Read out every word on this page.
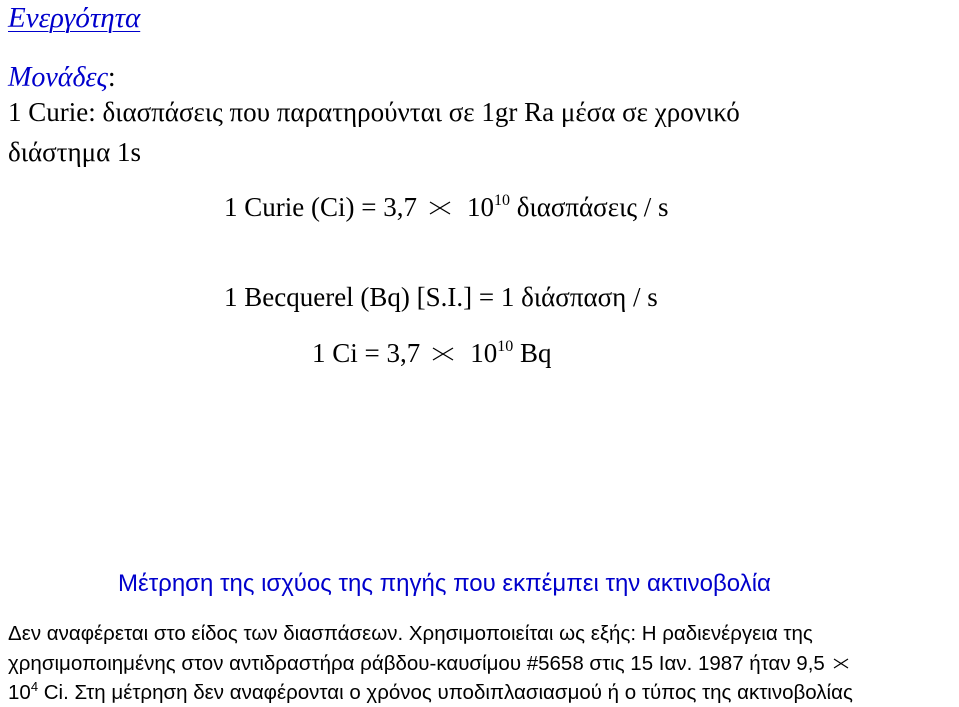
Ενεργότητα
Μονάδες:
1 Curie: διασπάσεις που παρατηρούνται σε 1gr Ra μέσα σε χρονικό
διάστημα 1s
1 Curie (Ci) = 3,7 $10^{10}$ διασπάσεις / s
1 Becquerel (Bq) [S.I.] = 1 διάσπαση / s
1 Ci = 3,7 $10^{10}$ Bq
Μέτρηση της ισχύος της πηγής που εκπέμπει την ακτινοβολία
Δεν αναφέρεται στο είδος των διασπάσεων. Χρησιμοποιείται ως εξής: Η ραδιενέργεια της
χρησιμοποιημένης στον αντιδραστήρα ράβδου-καυσίμου #5658 στις 15 Ιαν. 1987 ήταν 9,5
$10^4$ Ci. Στη μέτρηση δεν αναφέρονται ο χρόνος υποδιπλασιασμού ή ο τύπος της ακτινοβολίας
